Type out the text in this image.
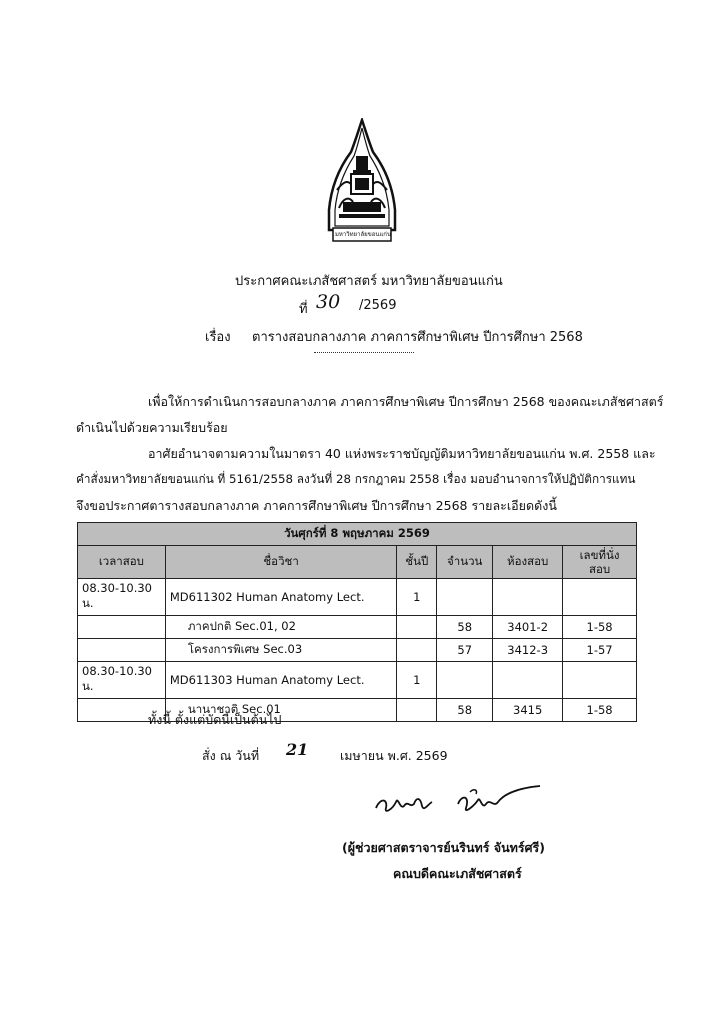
มหาวิทยาลัยขอนแก่น
ประกาศคณะเภสัชศาสตร์ มหาวิทยาลัยขอนแก่น
ที่ 30 /2569
เรื่อง ตารางสอบกลางภาค ภาคการศึกษาพิเศษ ปีการศึกษา 2568
เพื่อให้การดำเนินการสอบกลางภาค ภาคการศึกษาพิเศษ ปีการศึกษา 2568 ของคณะเภสัชศาสตร์
ดำเนินไปด้วยความเรียบร้อย
อาศัยอำนาจตามความในมาตรา 40 แห่งพระราชบัญญัติมหาวิทยาลัยขอนแก่น พ.ศ. 2558 และ
คำสั่งมหาวิทยาลัยขอนแก่น ที่ 5161/2558 ลงวันที่ 28 กรกฎาคม 2558 เรื่อง มอบอำนาจการให้ปฏิบัติการแทน
จึงขอประกาศตารางสอบกลางภาค ภาคการศึกษาพิเศษ ปีการศึกษา 2568 รายละเอียดดังนี้
วันศุกร์ที่ 8 พฤษภาคม 2569					
เวลาสอบ	ชื่อวิชา	ชั้นปี	จำนวน	ห้องสอบ	เลขที่นั่ง
สอบ
08.30-10.30 น.	MD611302 Human Anatomy Lect.	1			
	ภาคปกติ Sec.01, 02		58	3401-2	1-58
	โครงการพิเศษ Sec.03		57	3412-3	1-57
08.30-10.30 น.	MD611303 Human Anatomy Lect.	1			
	นานาชาติ Sec.01		58	3415	1-58
ทั้งนี้ ตั้งแต่บัดนี้เป็นต้นไป
สั่ง ณ วันที่ 21	เมษายน พ.ศ. 2569
(ผู้ช่วยศาสตราจารย์นรินทร์ จันทร์ศรี)
คณบดีคณะเภสัชศาสตร์
